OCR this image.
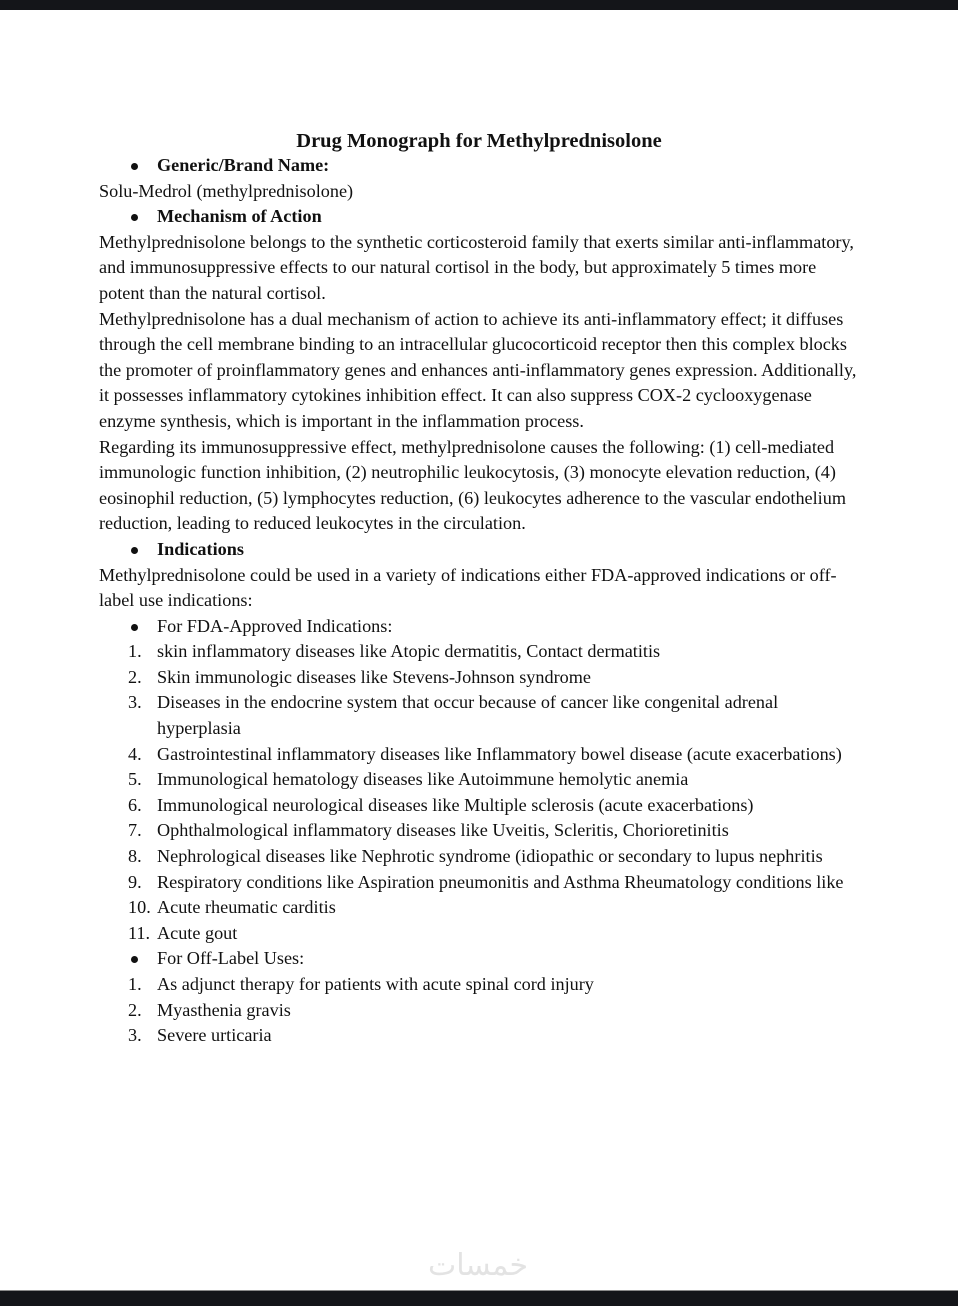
Drug Monograph for Methylprednisolone
Generic/Brand Name:

Solu-Medrol (methylprednisolone)

Mechanism of Action

Methylprednisolone belongs to the synthetic corticosteroid family that exerts similar anti-inflammatory, and immunosuppressive effects to our natural cortisol in the body, but approximately 5 times more potent than the natural cortisol.

Methylprednisolone has a dual mechanism of action to achieve its anti-inflammatory effect; it diffuses through the cell membrane binding to an intracellular glucocorticoid receptor then this complex blocks the promoter of proinflammatory genes and enhances anti-inflammatory genes expression. Additionally, it possesses inflammatory cytokines inhibition effect. It can also suppress COX-2 cyclooxygenase enzyme synthesis, which is important in the inflammation process.

Regarding its immunosuppressive effect, methylprednisolone causes the following: (1) cell-mediated immunologic function inhibition, (2) neutrophilic leukocytosis, (3) monocyte elevation reduction, (4) eosinophil reduction, (5) lymphocytes reduction, (6) leukocytes adherence to the vascular endothelium reduction, leading to reduced leukocytes in the circulation.

Indications

Methylprednisolone could be used in a variety of indications either FDA-approved indications or off-label use indications:

For FDA-Approved Indications:
1. skin inflammatory diseases like Atopic dermatitis, Contact dermatitis
2. Skin immunologic diseases like Stevens-Johnson syndrome
3. Diseases in the endocrine system that occur because of cancer like congenital adrenal hyperplasia
4. Gastrointestinal inflammatory diseases like Inflammatory bowel disease (acute exacerbations)
5. Immunological hematology diseases like Autoimmune hemolytic anemia
6. Immunological neurological diseases like Multiple sclerosis (acute exacerbations)
7. Ophthalmological inflammatory diseases like Uveitis, Scleritis, Chorioretinitis
8. Nephrological diseases like Nephrotic syndrome (idiopathic or secondary to lupus nephritis
9. Respiratory conditions like Aspiration pneumonitis and Asthma Rheumatology conditions like
10. Acute rheumatic carditis
11. Acute gout
For Off-Label Uses:
1. As adjunct therapy for patients with acute spinal cord injury
2. Myasthenia gravis
3. Severe urticaria
خمسات
